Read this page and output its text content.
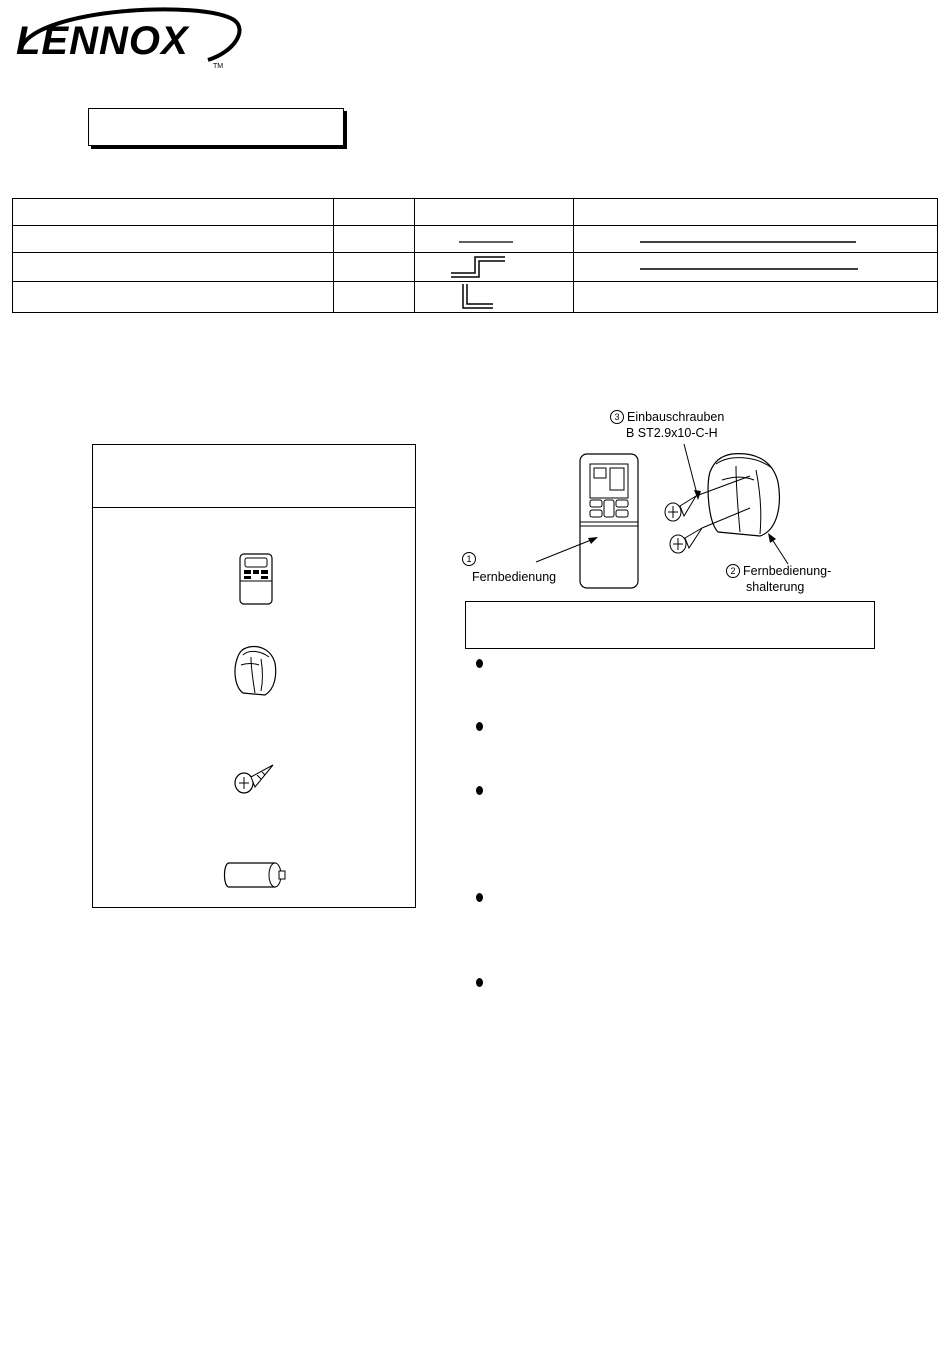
LENNOX
TM

3 Einbauschrauben
B ST2.9x10-C-H
1
Fernbedienung	2 Fernbedienung-
shalterung
